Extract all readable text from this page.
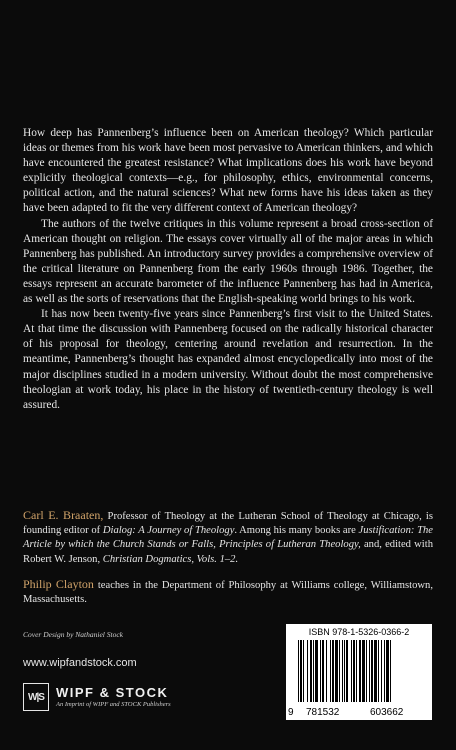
How deep has Pannenberg’s influence been on American theology? Which particular ideas or themes from his work have been most pervasive to American thinkers, and which have encountered the greatest resistance? What implications does his work have beyond explicitly theological contexts—e.g., for philosophy, ethics, environmental concerns, political action, and the natural sciences? What new forms have his ideas taken as they have been adapted to fit the very different context of American theology?

The authors of the twelve critiques in this volume represent a broad cross-section of American thought on religion. The essays cover virtually all of the major areas in which Pannenberg has published. An introductory survey provides a comprehensive overview of the critical literature on Pannenberg from the early 1960s through 1986. Together, the essays represent an accurate barometer of the influence Pannenberg has had in America, as well as the sorts of reservations that the English-speaking world brings to his work.

It has now been twenty-five years since Pannenberg’s first visit to the United States. At that time the discussion with Pannenberg focused on the radically historical character of his proposal for theology, centering around revelation and resurrection. In the meantime, Pannenberg’s thought has expanded almost encyclopedically into most of the major disciplines studied in a modern university. Without doubt the most comprehensive theologian at work today, his place in the history of twentieth-century theology is well assured.

Carl E. Braaten, Professor of Theology at the Lutheran School of Theology at Chicago, is founding editor of Dialog: A Journey of Theology. Among his many books are Justification: The Article by which the Church Stands or Falls, Principles of Lutheran Theology, and, edited with Robert W. Jenson, Christian Dogmatics, Vols. 1–2.

Philip Clayton teaches in the Department of Philosophy at Williams college, Williamstown, Massachusetts.

Cover Design by Nathaniel Stock
www.wipfandstock.com
W|S WIPF & STOCK
An Imprint of WIPF and STOCK Publishers
ISBN 978-1-5326-0366-2
9 781532	603662
